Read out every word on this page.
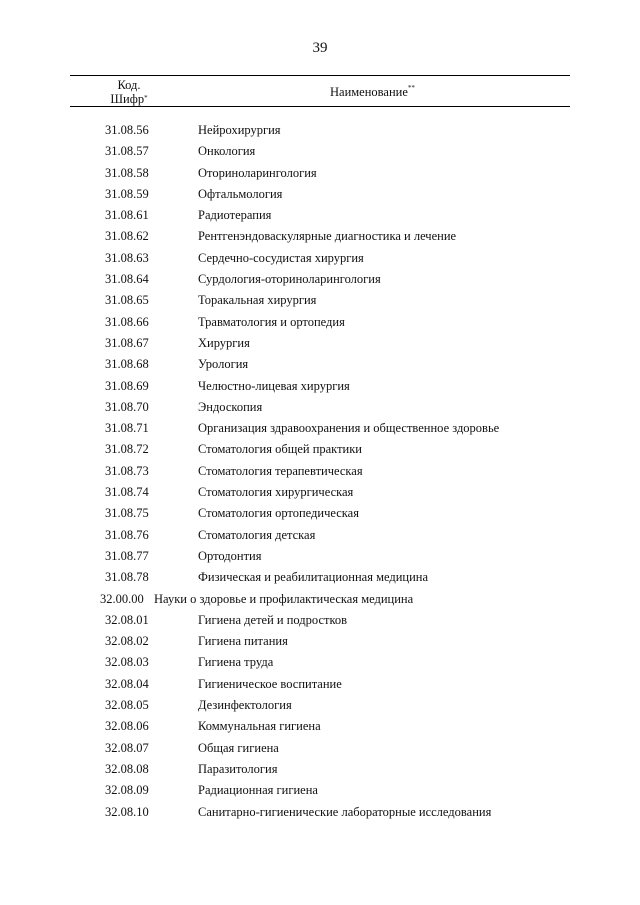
39
Код.
Шифр*	Наименование**
31.08.56	Нейрохирургия
31.08.57	Онкология
31.08.58	Оториноларингология
31.08.59	Офтальмология
31.08.61	Радиотерапия
31.08.62	Рентгенэндоваскулярные диагностика и лечение
31.08.63	Сердечно-сосудистая хирургия
31.08.64	Сурдология-оториноларингология
31.08.65	Торакальная хирургия
31.08.66	Травматология и ортопедия
31.08.67	Хирургия
31.08.68	Урология
31.08.69	Челюстно-лицевая хирургия
31.08.70	Эндоскопия
31.08.71	Организация здравоохранения и общественное здоровье
31.08.72	Стоматология общей практики
31.08.73	Стоматология терапевтическая
31.08.74	Стоматология хирургическая
31.08.75	Стоматология ортопедическая
31.08.76	Стоматология детская
31.08.77	Ортодонтия
31.08.78	Физическая и реабилитационная медицина
32.00.00 Науки о здоровье и профилактическая медицина
32.08.01	Гигиена детей и подростков
32.08.02	Гигиена питания
32.08.03	Гигиена труда
32.08.04	Гигиеническое воспитание
32.08.05	Дезинфектология
32.08.06	Коммунальная гигиена
32.08.07	Общая гигиена
32.08.08	Паразитология
32.08.09	Радиационная гигиена
32.08.10	Санитарно-гигиенические лабораторные исследования
